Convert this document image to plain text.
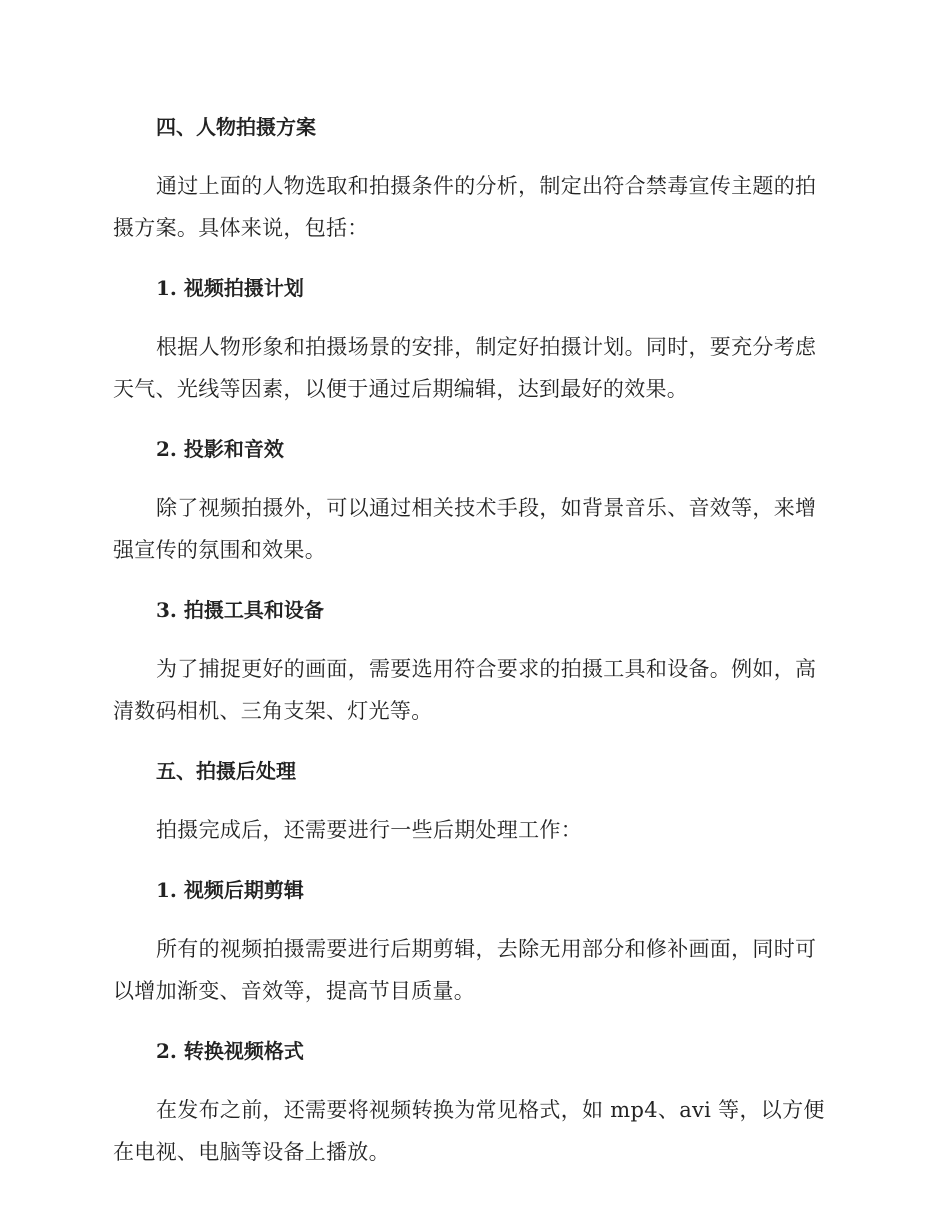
四、人物拍摄方案

通过上面的人物选取和拍摄条件的分析，制定出符合禁毒宣传主题的拍摄方案。具体来说，包括：

1. 视频拍摄计划

根据人物形象和拍摄场景的安排，制定好拍摄计划。同时，要充分考虑天气、光线等因素，以便于通过后期编辑，达到最好的效果。

2. 投影和音效

除了视频拍摄外，可以通过相关技术手段，如背景音乐、音效等，来增强宣传的氛围和效果。

3. 拍摄工具和设备

为了捕捉更好的画面，需要选用符合要求的拍摄工具和设备。例如，高清数码相机、三角支架、灯光等。

五、拍摄后处理

拍摄完成后，还需要进行一些后期处理工作：

1. 视频后期剪辑

所有的视频拍摄需要进行后期剪辑，去除无用部分和修补画面，同时可以增加渐变、音效等，提高节目质量。

2. 转换视频格式

在发布之前，还需要将视频转换为常见格式，如 mp4、avi 等，以方便在电视、电脑等设备上播放。
